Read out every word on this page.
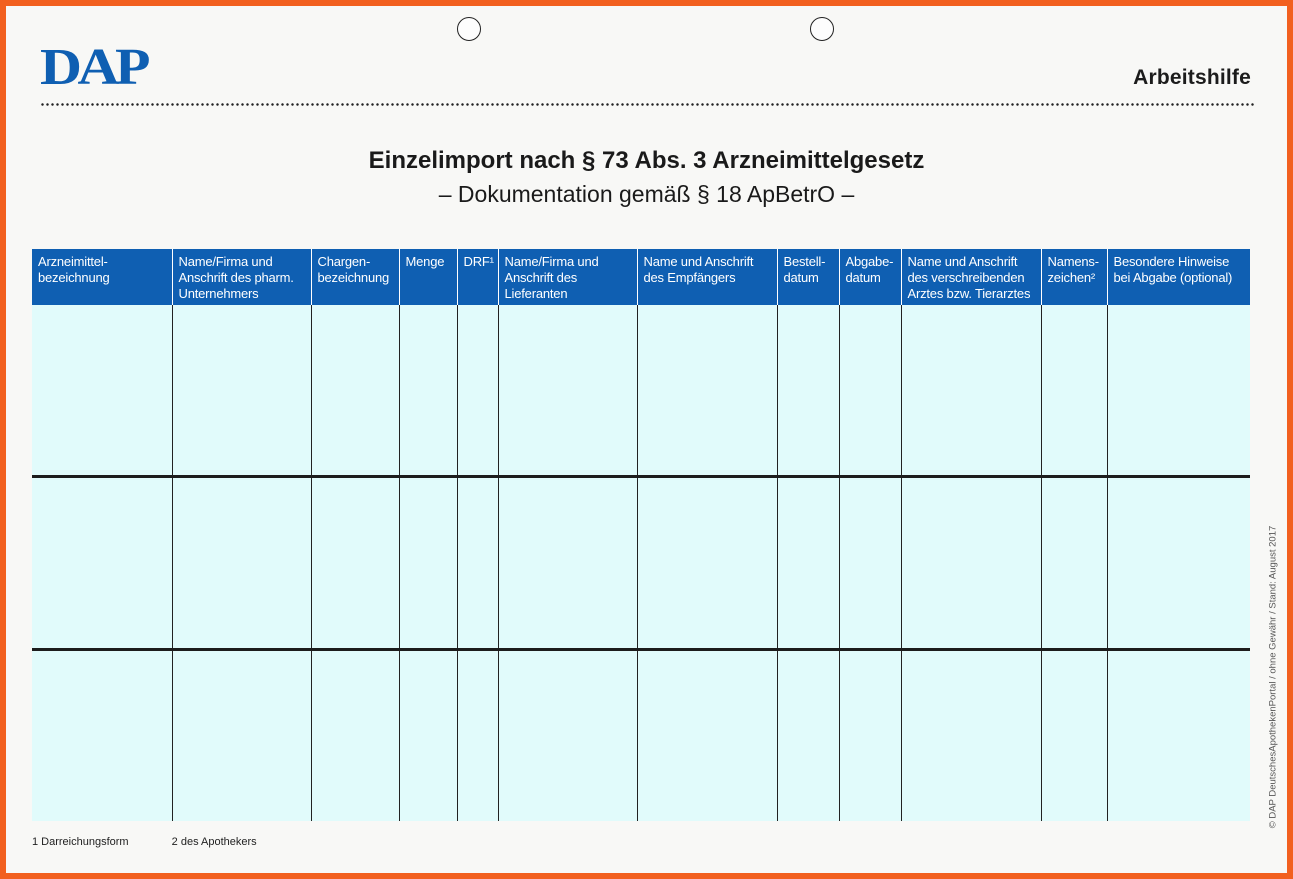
DAP	Arbeitshilfe
Einzelimport nach § 73 Abs. 3 Arzneimittelgesetz
– Dokumentation gemäß § 18 ApBetrO –
Arzneimittel-
bezeichnung	Name/Firma und
Anschrift des pharm.
Unternehmers	Chargen-
bezeichnung	Menge	DRF¹	Name/Firma und
Anschrift des
Lieferanten	Name und Anschrift
des Empfängers	Bestell-
datum	Abgabe-
datum	Name und Anschrift
des verschreibenden
Arztes bzw. Tierarztes	Namens-
zeichen²	Besondere Hinweise
bei Abgabe (optional)

1 Darreichungsform	2 des Apothekers
© DAP DeutschesApothekenPortal / ohne Gewähr / Stand: August 2017
